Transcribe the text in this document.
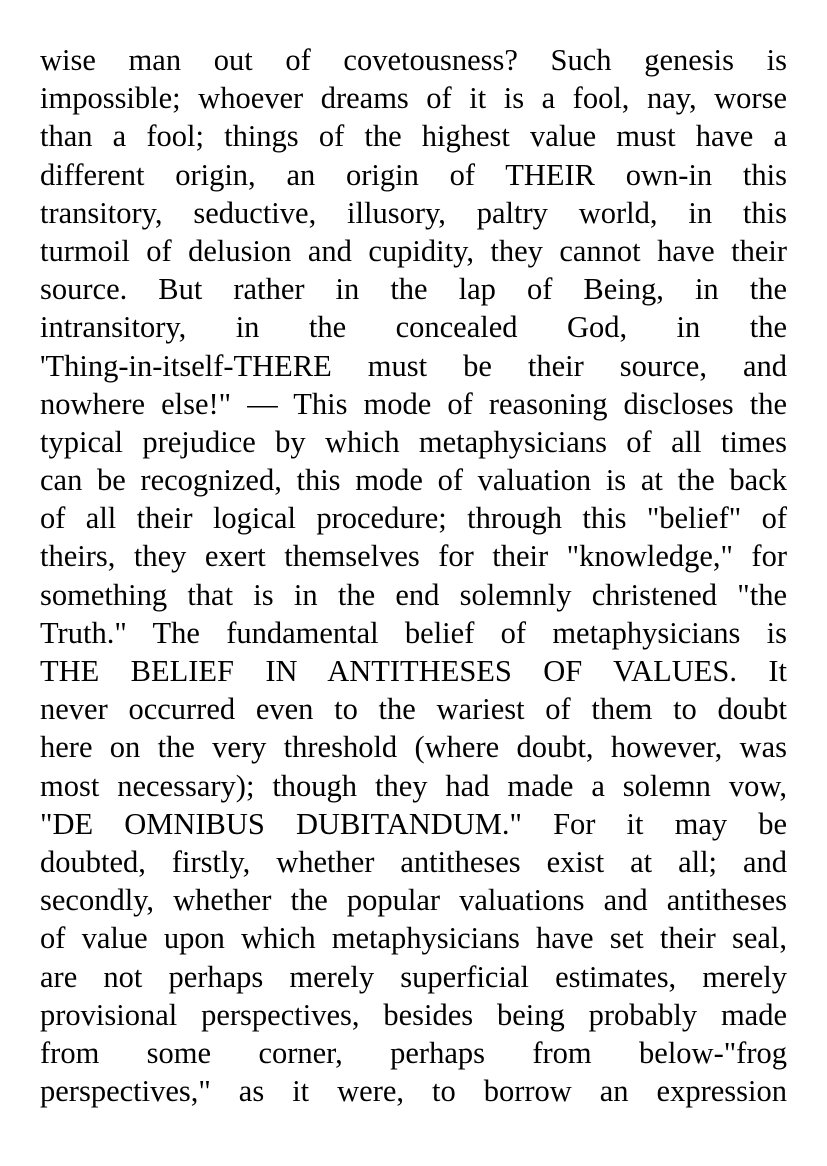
wise man out of covetousness? Such genesis is
impossible; whoever dreams of it is a fool, nay, worse
than a fool; things of the highest value must have a
different origin, an origin of THEIR own-in this
transitory, seductive, illusory, paltry world, in this
turmoil of delusion and cupidity, they cannot have their
source. But rather in the lap of Being, in the
intransitory, in the concealed God, in the
'Thing-in-itself-THERE must be their source, and
nowhere else!" — This mode of reasoning discloses the
typical prejudice by which metaphysicians of all times
can be recognized, this mode of valuation is at the back
of all their logical procedure; through this "belief" of
theirs, they exert themselves for their "knowledge," for
something that is in the end solemnly christened "the
Truth." The fundamental belief of metaphysicians is
THE BELIEF IN ANTITHESES OF VALUES. It
never occurred even to the wariest of them to doubt
here on the very threshold (where doubt, however, was
most necessary); though they had made a solemn vow,
"DE OMNIBUS DUBITANDUM." For it may be
doubted, firstly, whether antitheses exist at all; and
secondly, whether the popular valuations and antitheses
of value upon which metaphysicians have set their seal,
are not perhaps merely superficial estimates, merely
provisional perspectives, besides being probably made
from some corner, perhaps from below-"frog
perspectives," as it were, to borrow an expression
